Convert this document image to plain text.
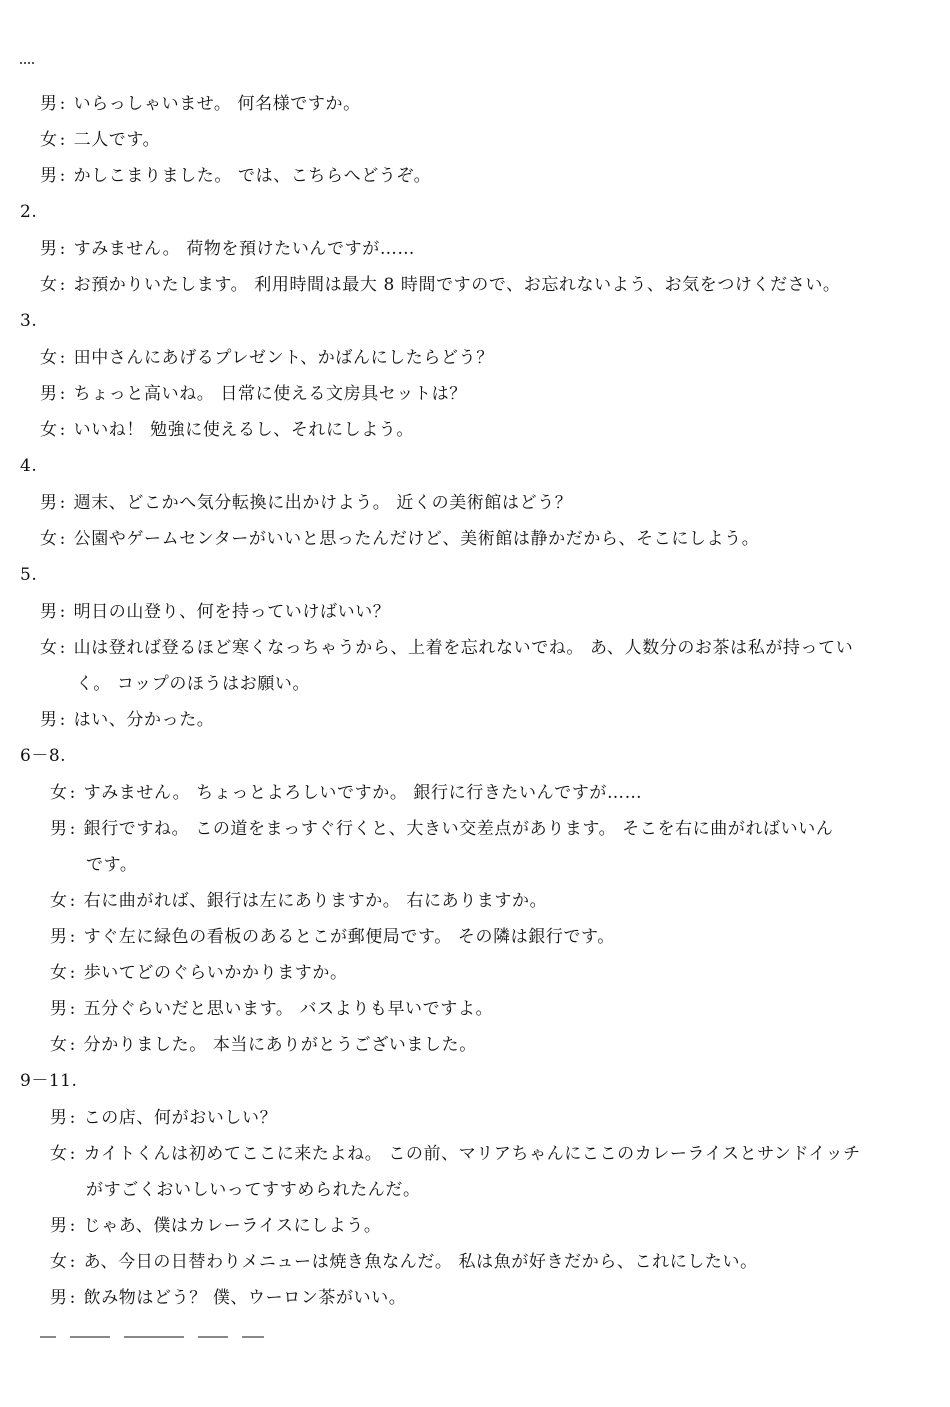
男 : いらっしゃいませ。 何名様ですか。
女 : 二人です。
男 : かしこまりました。 では、こちらへどうぞ。
2.
男 : すみません。 荷物を預けたいんですが……
女 : お預かりいたします。 利用時間は最大 8 時間ですので、お忘れないよう、お気をつけください。
3.
女 : 田中さんにあげるプレゼント、かばんにしたらどう？
男 : ちょっと高いね。 日常に使える文房具セットは？
女 : いいね！ 勉強に使えるし、それにしよう。
4.
男 : 週末、どこかへ気分転換に出かけよう。 近くの美術館はどう？
女 : 公園やゲームセンターがいいと思ったんだけど、美術館は静かだから、そこにしよう。
5.
男 : 明日の山登り、何を持っていけばいい？
女 : 山は登れば登るほど寒くなっちゃうから、上着を忘れないでね。 あ、人数分のお茶は私が持ってい
く。 コップのほうはお願い。
男 : はい、分かった。
6－8.
女 : すみません。 ちょっとよろしいですか。 銀行に行きたいんですが……
男 : 銀行ですね。 この道をまっすぐ行くと、大きい交差点があります。 そこを右に曲がればいいん
です。
女 : 右に曲がれば、銀行は左にありますか。 右にありますか。
男 : すぐ左に緑色の看板のあるとこが郵便局です。 その隣は銀行です。
女 : 歩いてどのぐらいかかりますか。
男 : 五分ぐらいだと思います。 バスよりも早いですよ。
女 : 分かりました。 本当にありがとうございました。
9－11.
男 : この店、何がおいしい？
女 : カイトくんは初めてここに来たよね。 この前、マリアちゃんにここのカレーライスとサンドイッチ
がすごくおいしいってすすめられたんだ。
男 : じゃあ、僕はカレーライスにしよう。
女 : あ、今日の日替わりメニューは焼き魚なんだ。 私は魚が好きだから、これにしたい。
男 : 飲み物はどう？ 僕、ウーロン茶がいい。
